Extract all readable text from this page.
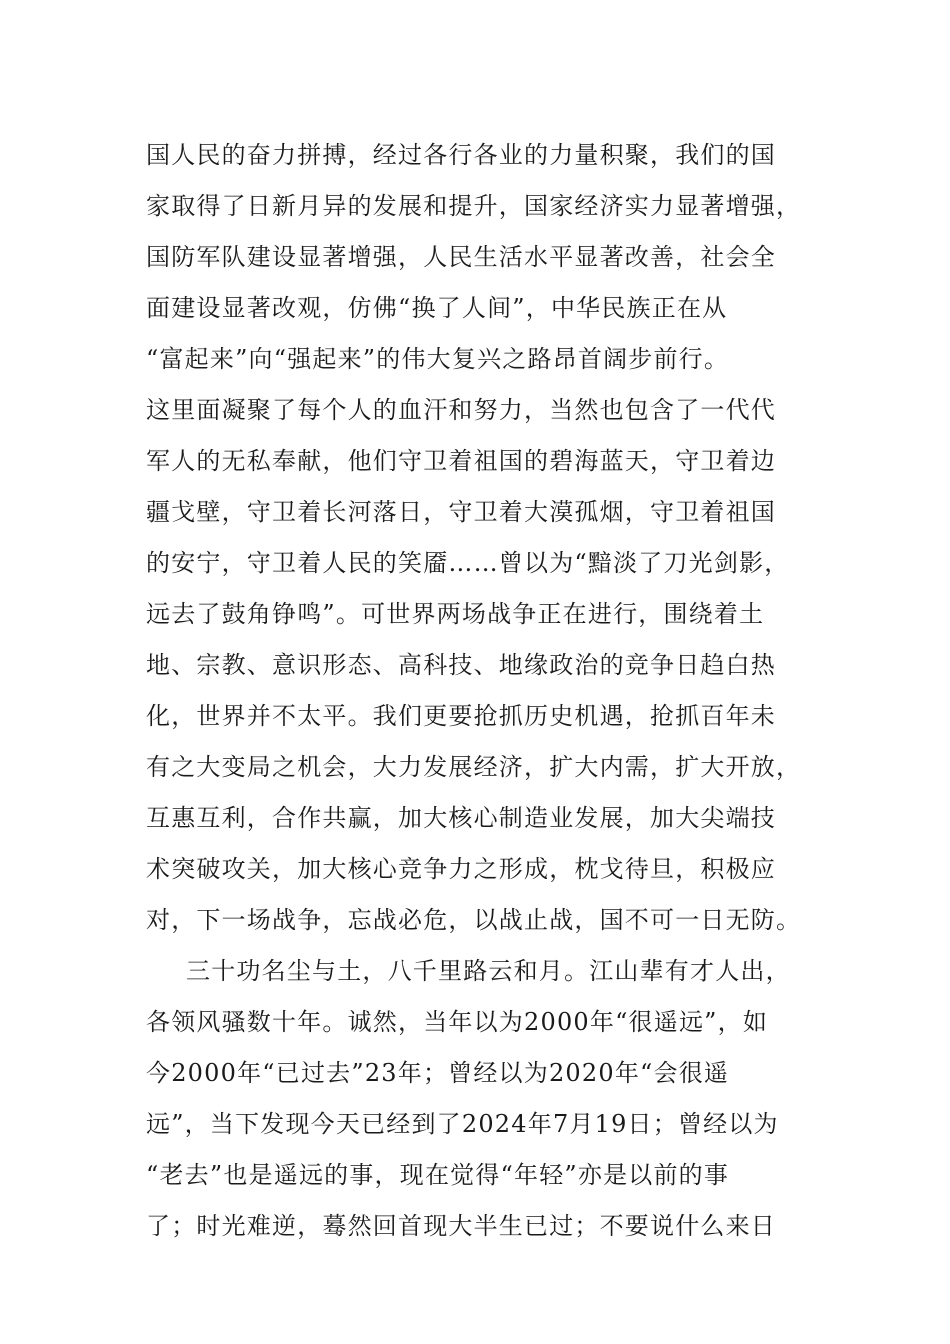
国人民的奋力拼搏，经过各行各业的力量积聚，我们的国
家取得了日新月异的发展和提升，国家经济实力显著增强，
国防军队建设显著增强，人民生活水平显著改善，社会全
面建设显著改观，仿佛“换了人间”，中华民族正在从
“富起来”向“强起来”的伟大复兴之路昂首阔步前行。
这里面凝聚了每个人的血汗和努力，当然也包含了一代代
军人的无私奉献，他们守卫着祖国的碧海蓝天，守卫着边
疆戈壁，守卫着长河落日，守卫着大漠孤烟，守卫着祖国
的安宁，守卫着人民的笑靥……曾以为“黯淡了刀光剑影，
远去了鼓角铮鸣”。可世界两场战争正在进行，围绕着土
地、宗教、意识形态、高科技、地缘政治的竞争日趋白热
化，世界并不太平。我们更要抢抓历史机遇，抢抓百年未
有之大变局之机会，大力发展经济，扩大内需，扩大开放，
互惠互利，合作共赢，加大核心制造业发展，加大尖端技
术突破攻关，加大核心竞争力之形成，枕戈待旦，积极应
对，下一场战争，忘战必危，以战止战，国不可一日无防。
三十功名尘与土，八千里路云和月。江山辈有才人出，
各领风骚数十年。诚然，当年以为2000年“很遥远”，如
今2000年“已过去”23年；曾经以为2020年“会很遥
远”，当下发现今天已经到了2024年7月19日；曾经以为
“老去”也是遥远的事，现在觉得“年轻”亦是以前的事
了；时光难逆，蓦然回首现大半生已过；不要说什么来日
